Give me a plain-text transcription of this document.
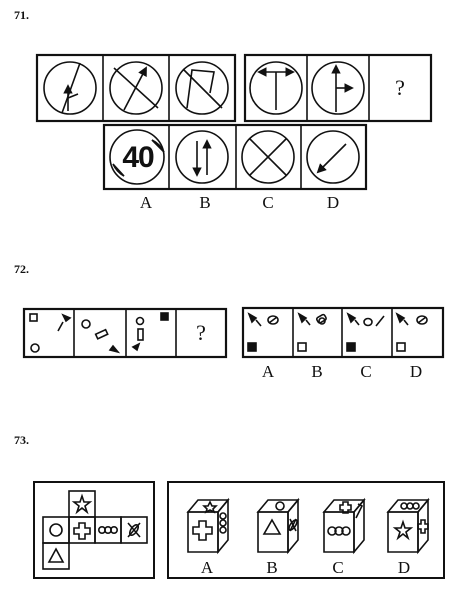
71.
72.
73.
?
40
A	B	C	D
?
A B C D
A	B	C	D
